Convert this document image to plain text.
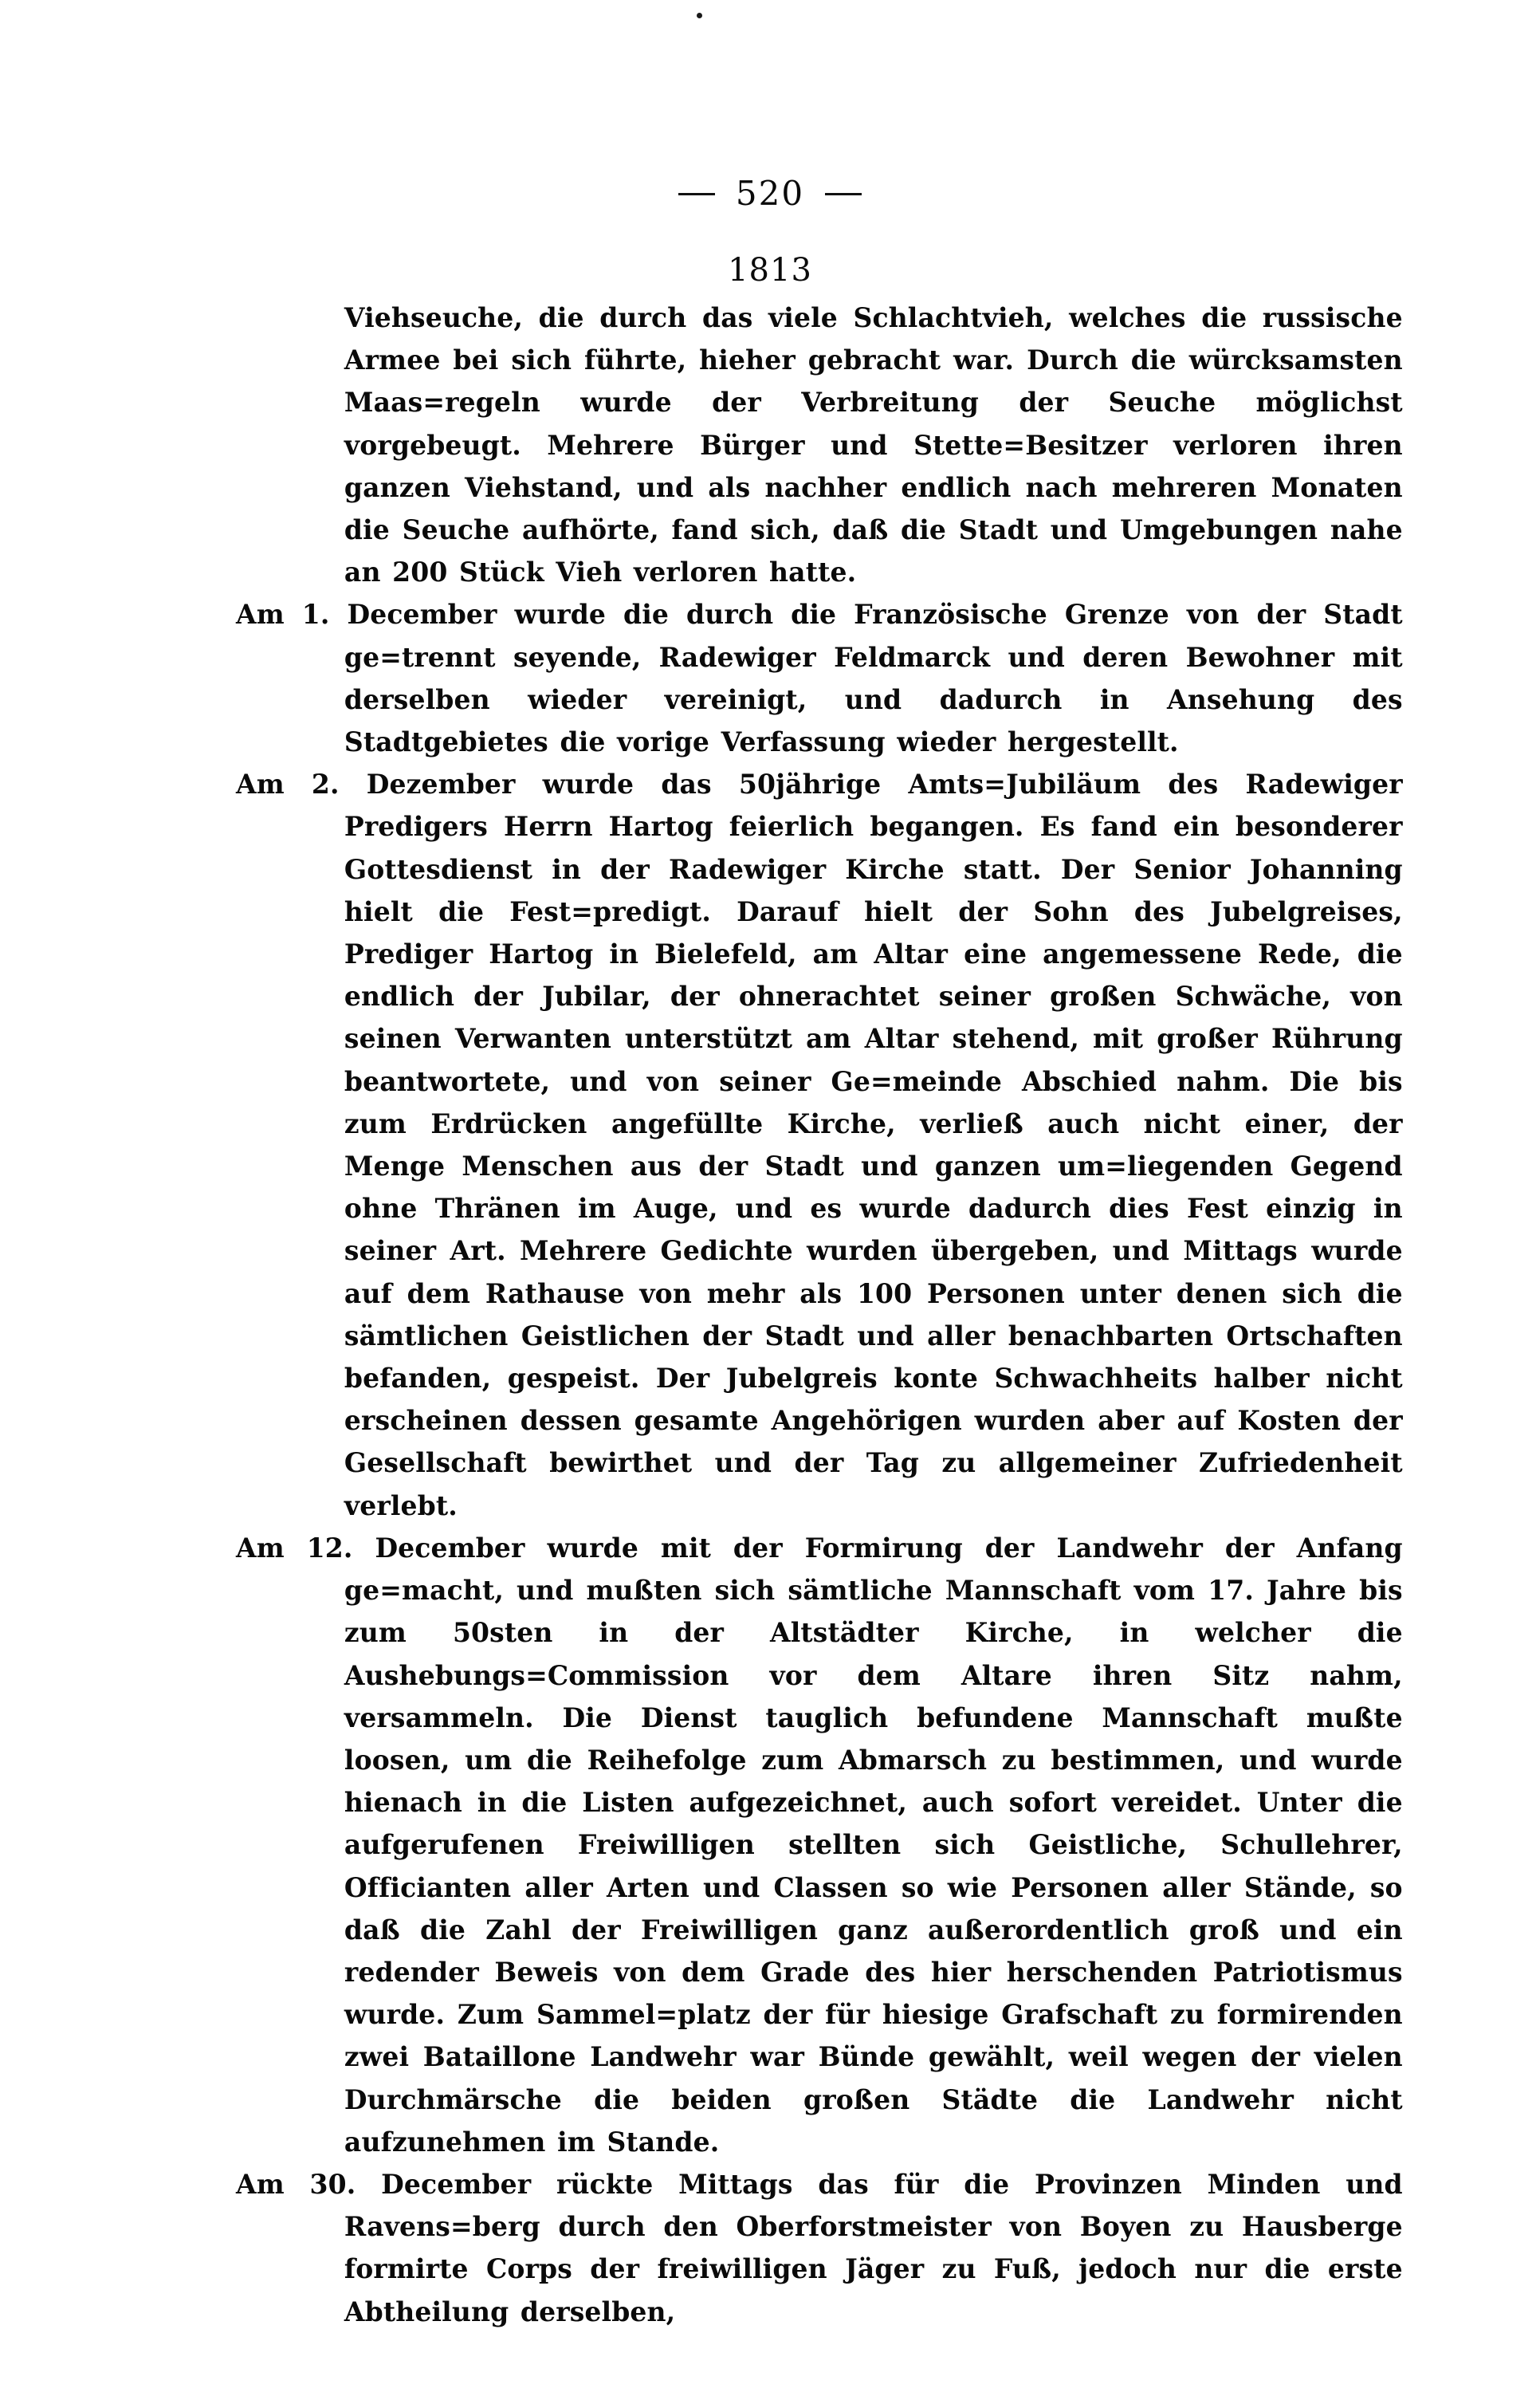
520
1813

Viehseuche, die durch das viele Schlachtvieh, welches die russische Armee bei sich führte, hieher gebracht war. Durch die würcksamsten Maas=regeln wurde der Verbreitung der Seuche möglichst vorgebeugt. Mehrere Bürger und Stette=Besitzer verloren ihren ganzen Viehstand, und als nachher endlich nach mehreren Monaten die Seuche aufhörte, fand sich, daß die Stadt und Umgebungen nahe an 200 Stück Vieh verloren hatte.

Am 1. December wurde die durch die Französische Grenze von der Stadt ge=trennt seyende, Radewiger Feldmarck und deren Bewohner mit derselben wieder vereinigt, und dadurch in Ansehung des Stadtgebietes die vorige Verfassung wieder hergestellt.

Am 2. Dezember wurde das 50jährige Amts=Jubiläum des Radewiger Predigers Herrn Hartog feierlich begangen. Es fand ein besonderer Gottesdienst in der Radewiger Kirche statt. Der Senior Johanning hielt die Fest=predigt. Darauf hielt der Sohn des Jubelgreises, Prediger Hartog in Bielefeld, am Altar eine angemessene Rede, die endlich der Jubilar, der ohnerachtet seiner großen Schwäche, von seinen Verwanten unterstützt am Altar stehend, mit großer Rührung beantwortete, und von seiner Ge=meinde Abschied nahm. Die bis zum Erdrücken angefüllte Kirche, verließ auch nicht einer, der Menge Menschen aus der Stadt und ganzen um=liegenden Gegend ohne Thränen im Auge, und es wurde dadurch dies Fest einzig in seiner Art. Mehrere Gedichte wurden übergeben, und Mittags wurde auf dem Rathause von mehr als 100 Personen unter denen sich die sämtlichen Geistlichen der Stadt und aller benachbarten Ortschaften befanden, gespeist. Der Jubelgreis konte Schwachheits halber nicht erscheinen dessen gesamte Angehörigen wurden aber auf Kosten der Gesellschaft bewirthet und der Tag zu allgemeiner Zufriedenheit verlebt.

Am 12. December wurde mit der Formirung der Landwehr der Anfang ge=macht, und mußten sich sämtliche Mannschaft vom 17. Jahre bis zum 50sten in der Altstädter Kirche, in welcher die Aushebungs=Commission vor dem Altare ihren Sitz nahm, versammeln. Die Dienst tauglich befundene Mannschaft mußte loosen, um die Reihefolge zum Abmarsch zu bestimmen, und wurde hienach in die Listen aufgezeichnet, auch sofort vereidet. Unter die aufgerufenen Freiwilligen stellten sich Geistliche, Schullehrer, Officianten aller Arten und Classen so wie Personen aller Stände, so daß die Zahl der Freiwilligen ganz außerordentlich groß und ein redender Beweis von dem Grade des hier herschenden Patriotismus wurde. Zum Sammel=platz der für hiesige Grafschaft zu formirenden zwei Bataillone Landwehr war Bünde gewählt, weil wegen der vielen Durchmärsche die beiden großen Städte die Landwehr nicht aufzunehmen im Stande.

Am 30. December rückte Mittags das für die Provinzen Minden und Ravens=berg durch den Oberforstmeister von Boyen zu Hausberge formirte Corps der freiwilligen Jäger zu Fuß, jedoch nur die erste Abtheilung derselben,
